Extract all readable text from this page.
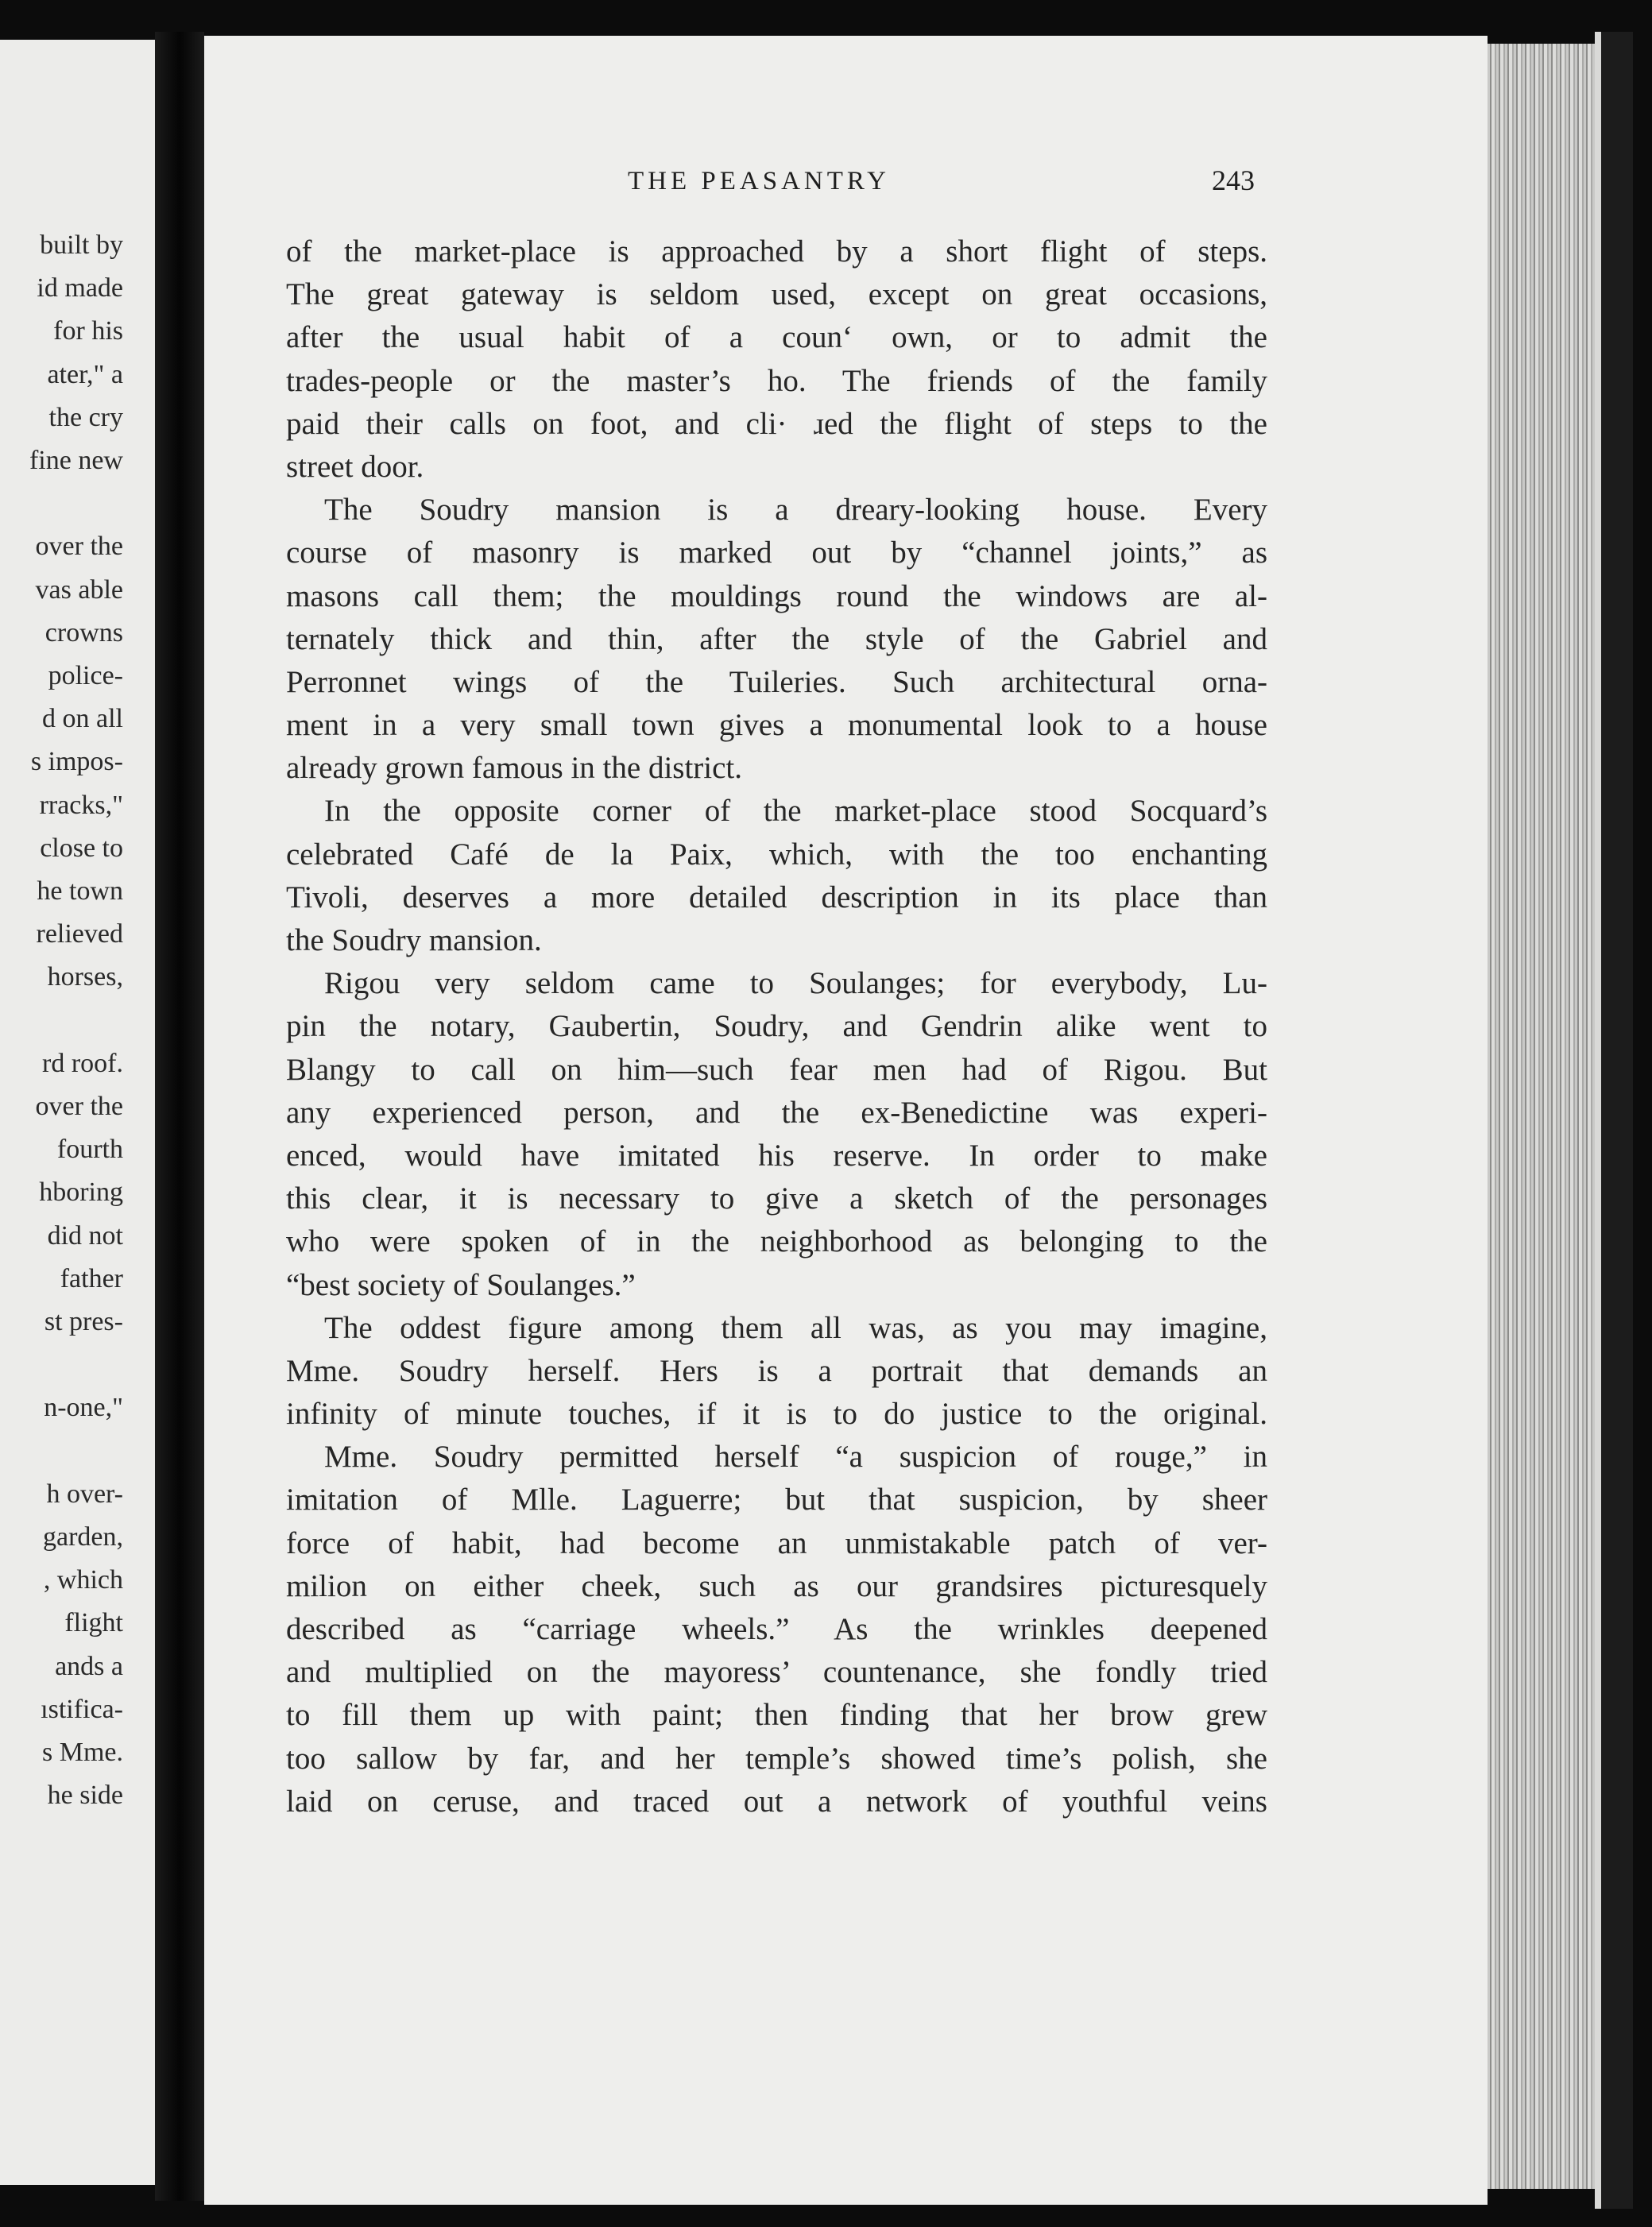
built by
id made
for his
ater," a
the cry
fine new
over the
vas able
crowns
police-
d on all
s impos-
rracks,"
close to
he town
relieved
horses,
rd roof.
over the
fourth
hboring
did not
father
st pres-
n-one,"
h over-
garden,
, which
flight
ands a
ıstifica-
s Mme.
he side
THE PEASANTRY	243
of the market-place is approached by a short flight of steps.
The great gateway is seldom used, except on great occasions,
after the usual habit of a coun‘ own, or to admit the
trades-people or the master’s ho. The friends of the family
paid their calls on foot, and cli· ɹed the flight of steps to the
street door.
The Soudry mansion is a dreary-looking house. Every
course of masonry is marked out by “channel joints,” as
masons call them; the mouldings round the windows are al-
ternately thick and thin, after the style of the Gabriel and
Perronnet wings of the Tuileries. Such architectural orna-
ment in a very small town gives a monumental look to a house
already grown famous in the district.
In the opposite corner of the market-place stood Socquard’s
celebrated Café de la Paix, which, with the too enchanting
Tivoli, deserves a more detailed description in its place than
the Soudry mansion.
Rigou very seldom came to Soulanges; for everybody, Lu-
pin the notary, Gaubertin, Soudry, and Gendrin alike went to
Blangy to call on him—such fear men had of Rigou. But
any experienced person, and the ex-Benedictine was experi-
enced, would have imitated his reserve. In order to make
this clear, it is necessary to give a sketch of the personages
who were spoken of in the neighborhood as belonging to the
“best society of Soulanges.”
The oddest figure among them all was, as you may imagine,
Mme. Soudry herself. Hers is a portrait that demands an
infinity of minute touches, if it is to do justice to the original.
Mme. Soudry permitted herself “a suspicion of rouge,” in
imitation of Mlle. Laguerre; but that suspicion, by sheer
force of habit, had become an unmistakable patch of ver-
milion on either cheek, such as our grandsires picturesquely
described as “carriage wheels.” As the wrinkles deepened
and multiplied on the mayoress’ countenance, she fondly tried
to fill them up with paint; then finding that her brow grew
too sallow by far, and her temple’s showed time’s polish, she
laid on ceruse, and traced out a network of youthful veins
